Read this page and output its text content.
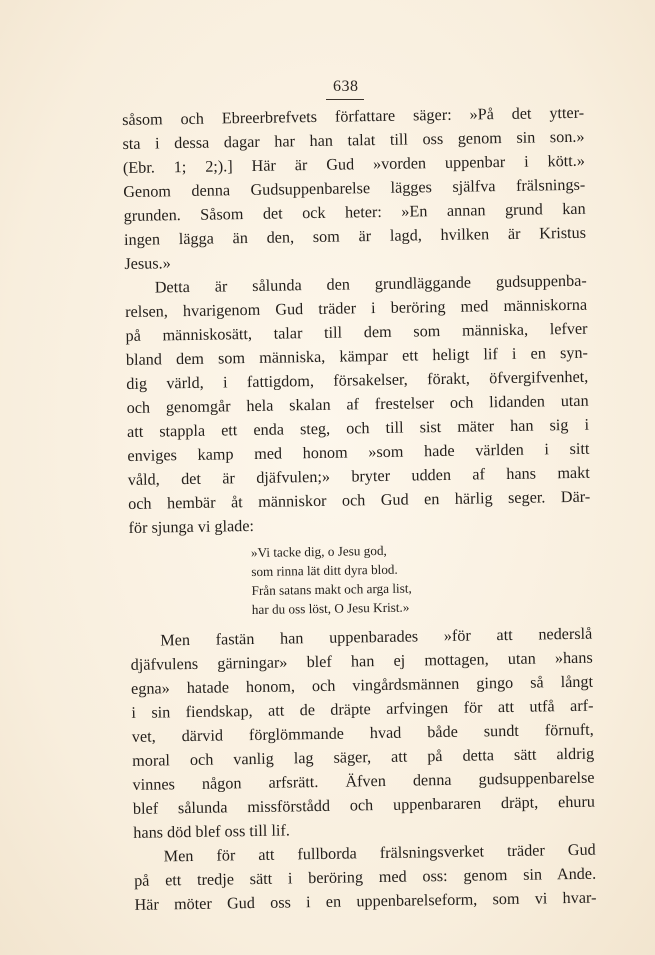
638
såsom och Ebreerbrefvets författare säger: »På det ytter-
sta i dessa dagar har han talat till oss genom sin son.»
(Ebr. 1; 2;).] Här är Gud »vorden uppenbar i kött.»
Genom denna Gudsuppenbarelse lägges själfva frälsnings-
grunden. Såsom det ock heter: »En annan grund kan
ingen lägga än den, som är lagd, hvilken är Kristus
Jesus.»
Detta är sålunda den grundläggande gudsuppenba-
relsen, hvarigenom Gud träder i beröring med människorna
på människosätt, talar till dem som människa, lefver
bland dem som människa, kämpar ett heligt lif i en syn-
dig värld, i fattigdom, försakelser, förakt, öfvergifvenhet,
och genomgår hela skalan af frestelser och lidanden utan
att stappla ett enda steg, och till sist mäter han sig i
enviges kamp med honom »som hade världen i sitt
våld, det är djäfvulen;» bryter udden af hans makt
och hembär åt människor och Gud en härlig seger. Där-
för sjunga vi glade:
»Vi tacke dig, o Jesu god,
som rinna lät ditt dyra blod.
Från satans makt och arga list,
har du oss löst, O Jesu Krist.»
Men fastän han uppenbarades »för att nederslå
djäfvulens gärningar» blef han ej mottagen, utan »hans
egna» hatade honom, och vingårdsmännen gingo så långt
i sin fiendskap, att de dräpte arfvingen för att utfå arf-
vet, därvid förglömmande hvad både sundt förnuft,
moral och vanlig lag säger, att på detta sätt aldrig
vinnes någon arfsrätt. Äfven denna gudsuppenbarelse
blef sålunda missförstådd och uppenbararen dräpt, ehuru
hans död blef oss till lif.
Men för att fullborda frälsningsverket träder Gud
på ett tredje sätt i beröring med oss: genom sin Ande.
Här möter Gud oss i en uppenbarelseform, som vi hvar-
